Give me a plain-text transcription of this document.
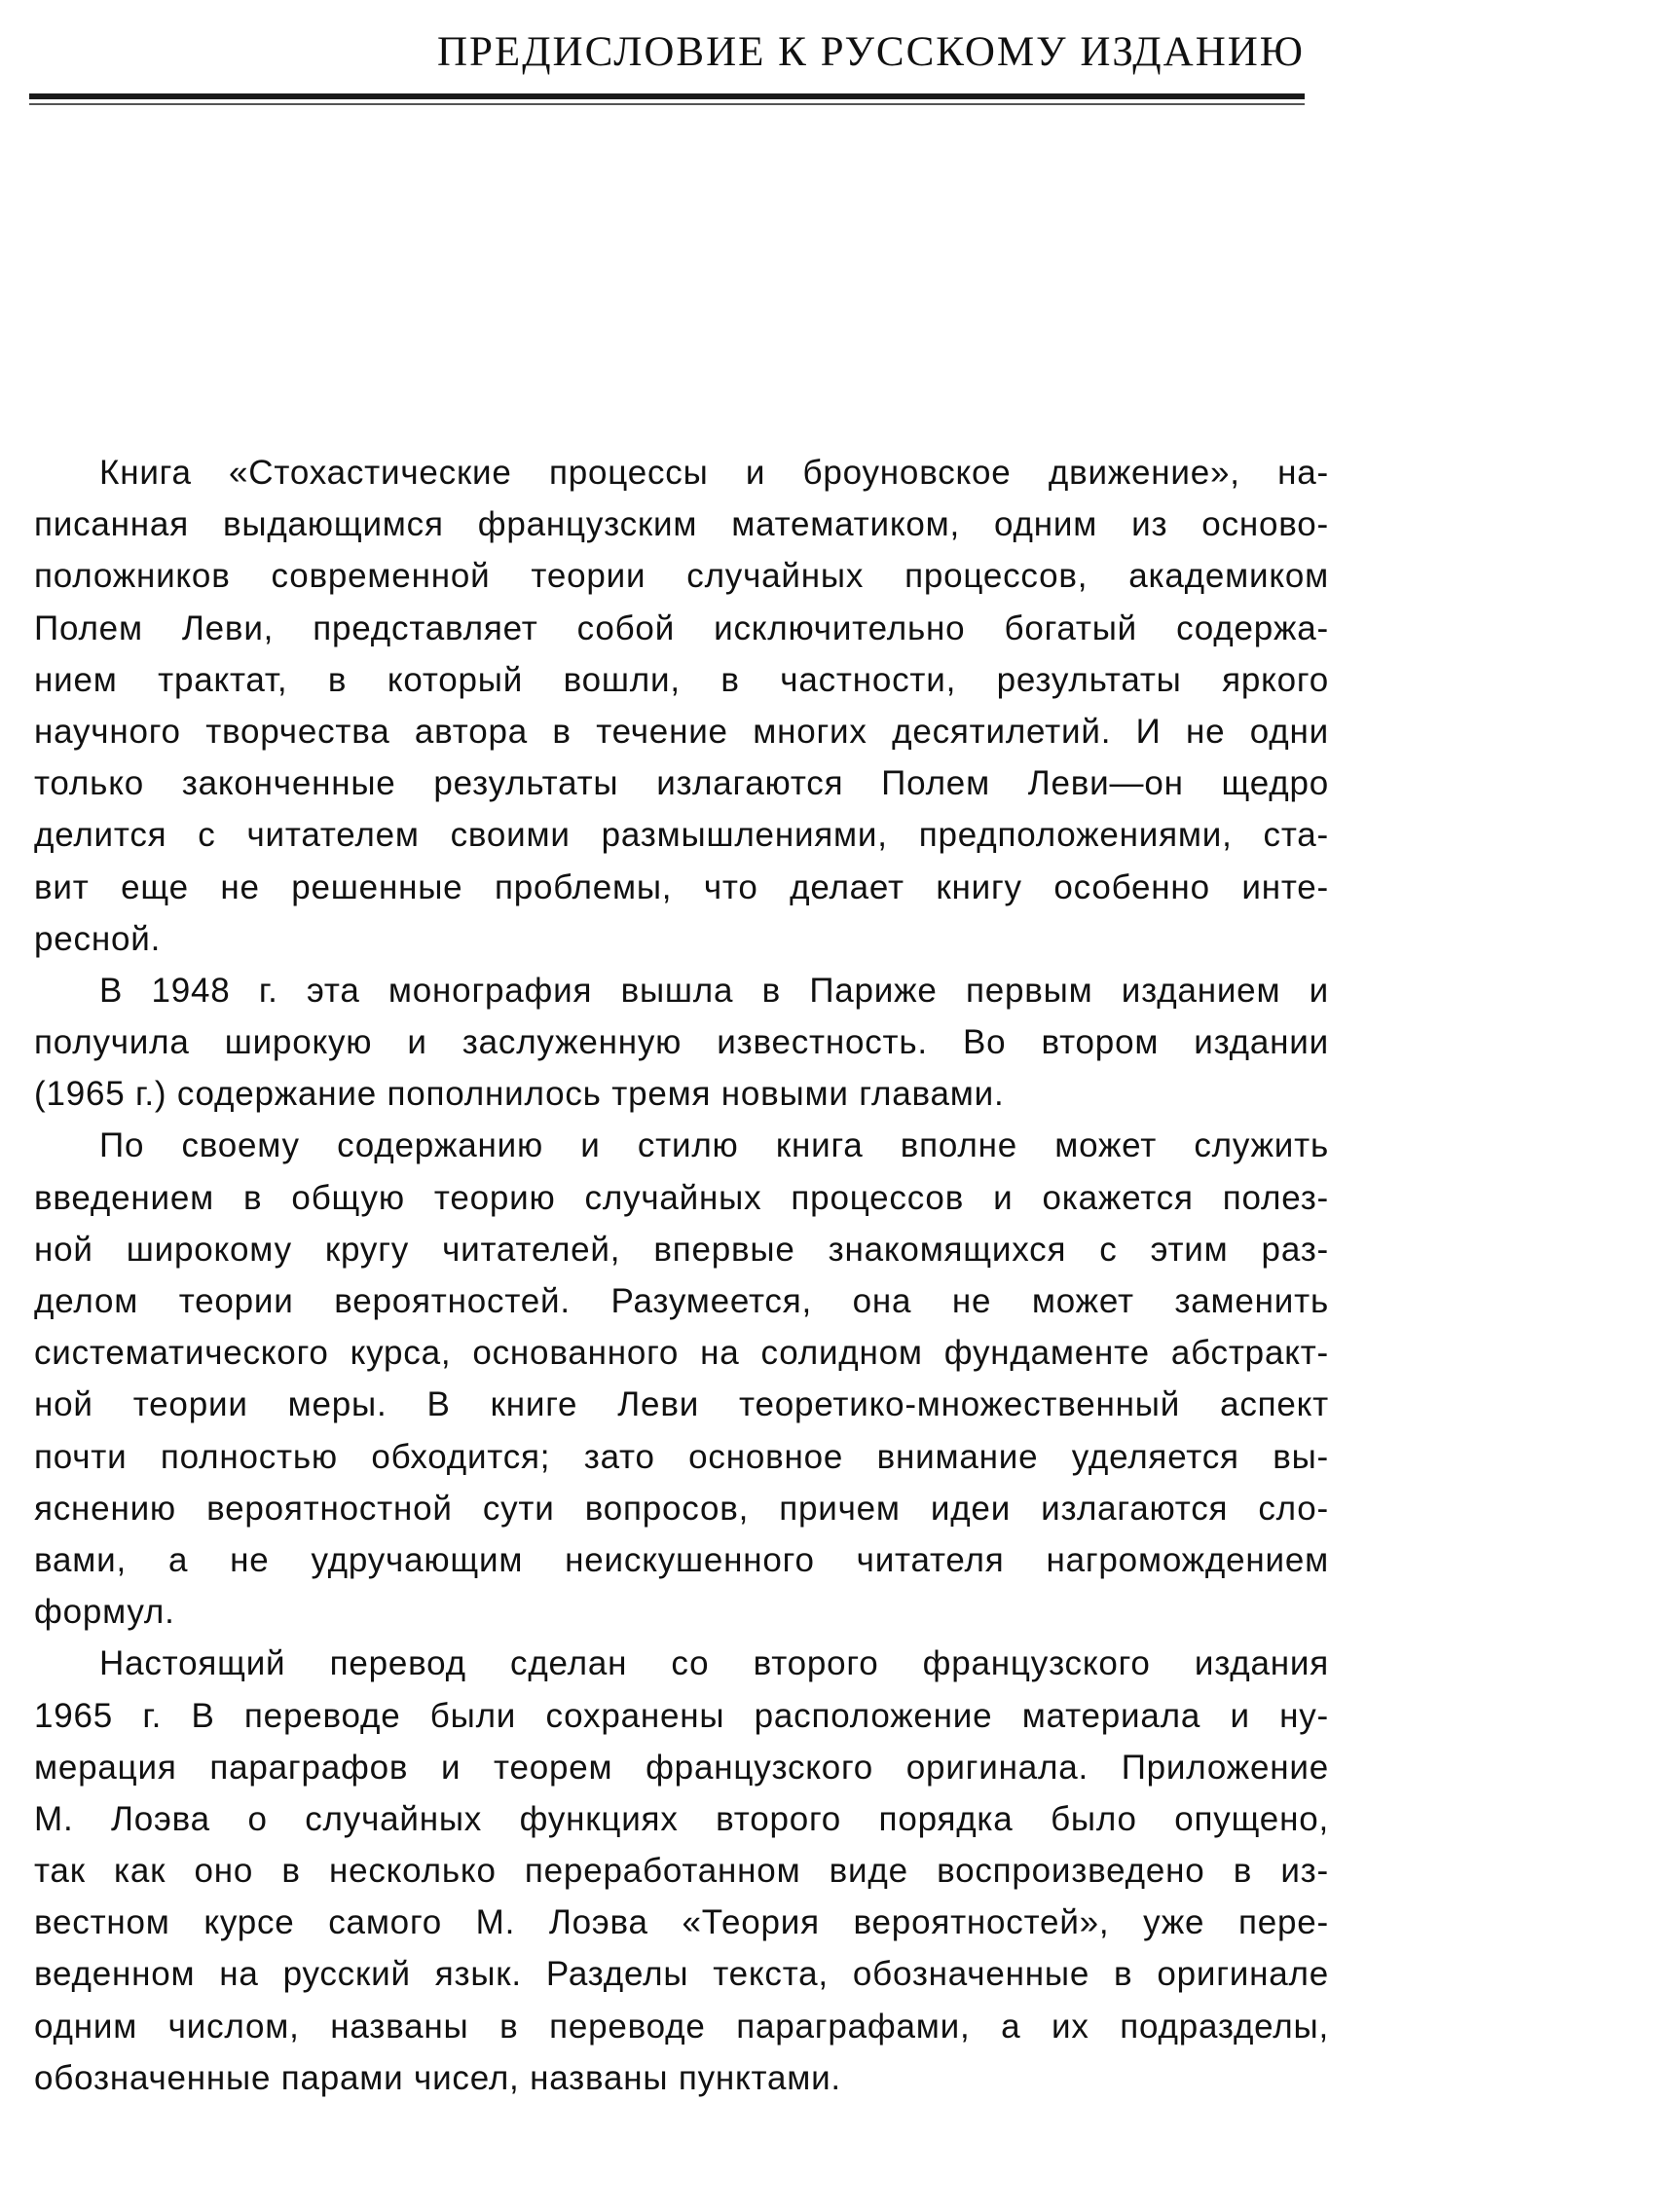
ПРЕДИСЛОВИЕ К РУССКОМУ ИЗДАНИЮ
Книга «Стохастические процессы и броуновское движение», на-
писанная выдающимся французским математиком, одним из осново-
положников современной теории случайных процессов, академиком
Полем Леви, представляет собой исключительно богатый содержа-
нием трактат, в который вошли, в частности, результаты яркого
научного творчества автора в течение многих десятилетий. И не одни
только законченные результаты излагаются Полем Леви—он щедро
делится с читателем своими размышлениями, предположениями, ста-
вит еще не решенные проблемы, что делает книгу особенно инте-
ресной.
В 1948 г. эта монография вышла в Париже первым изданием и
получила широкую и заслуженную известность. Во втором издании
(1965 г.) содержание пополнилось тремя новыми главами.
По своему содержанию и стилю книга вполне может служить
введением в общую теорию случайных процессов и окажется полез-
ной широкому кругу читателей, впервые знакомящихся с этим раз-
делом теории вероятностей. Разумеется, она не может заменить
систематического курса, основанного на солидном фундаменте абстракт-
ной теории меры. В книге Леви теоретико-множественный аспект
почти полностью обходится; зато основное внимание уделяется вы-
яснению вероятностной сути вопросов, причем идеи излагаются сло-
вами, а не удручающим неискушенного читателя нагромождением
формул.
Настоящий перевод сделан со второго французского издания
1965 г. В переводе были сохранены расположение материала и ну-
мерация параграфов и теорем французского оригинала. Приложение
М. Лоэва о случайных функциях второго порядка было опущено,
так как оно в несколько переработанном виде воспроизведено в из-
вестном курсе самого М. Лоэва «Теория вероятностей», уже пере-
веденном на русский язык. Разделы текста, обозначенные в оригинале
одним числом, названы в переводе параграфами, а их подразделы,
обозначенные парами чисел, названы пунктами.
